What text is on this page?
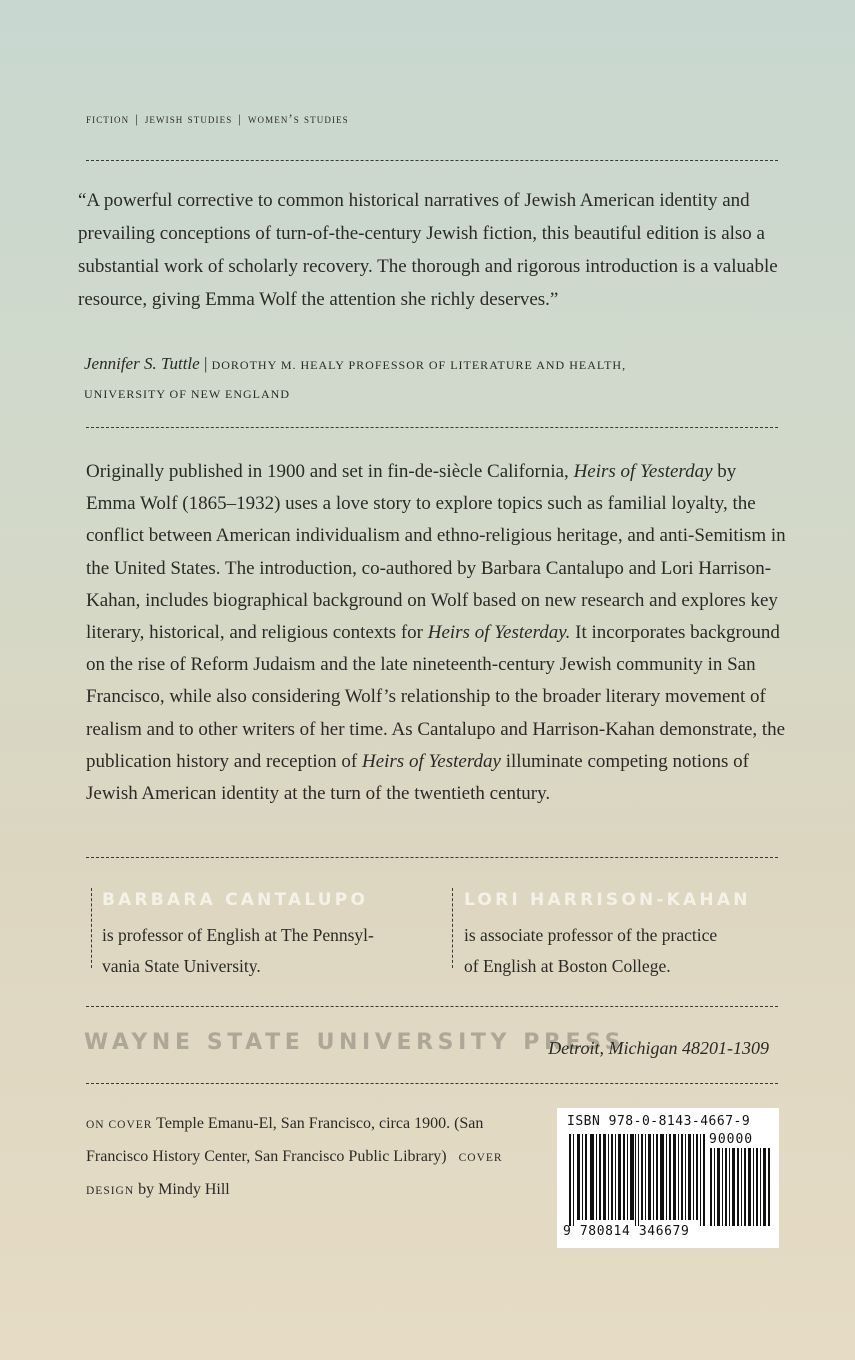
fiction | jewish studies | women’s studies
“A powerful corrective to common historical narratives of Jewish American identity and prevailing conceptions of turn-of-the-century Jewish fiction, this beautiful edition is also a substantial work of scholarly recovery. The thorough and rigorous introduction is a valuable resource, giving Emma Wolf the attention she richly deserves.”
Jennifer S. Tuttle | DOROTHY M. HEALY PROFESSOR OF LITERATURE AND HEALTH,
UNIVERSITY OF NEW ENGLAND
Originally published in 1900 and set in fin-de-siècle California, Heirs of Yesterday by Emma Wolf (1865–1932) uses a love story to explore topics such as familial loyalty, the conflict between American individualism and ethno-religious heritage, and anti-Semitism in the United States. The introduction, co-authored by Barbara Cantalupo and Lori Harrison-Kahan, includes biographical background on Wolf based on new research and explores key literary, historical, and religious contexts for Heirs of Yesterday. It incorporates background on the rise of Reform Judaism and the late nineteenth-century Jewish community in San Francisco, while also considering Wolf’s relationship to the broader literary movement of realism and to other writers of her time. As Cantalupo and Harrison-Kahan demonstrate, the publication history and reception of Heirs of Yesterday illuminate competing notions of Jewish American identity at the turn of the twentieth century.
BARBARA CANTALUPO
is professor of English at The Pennsyl-
vania State University.
LORI HARRISON-KAHAN
is associate professor of the practice
of English at Boston College.
WAYNE STATE UNIVERSITY PRESS
Detroit, Michigan 48201-1309
ON COVER Temple Emanu-El, San Francisco, circa 1900. (San Francisco History Center, San Francisco Public Library) COVER DESIGN by Mindy Hill
ISBN 978-0-8143-4667-9
90000
9 780814 346679
